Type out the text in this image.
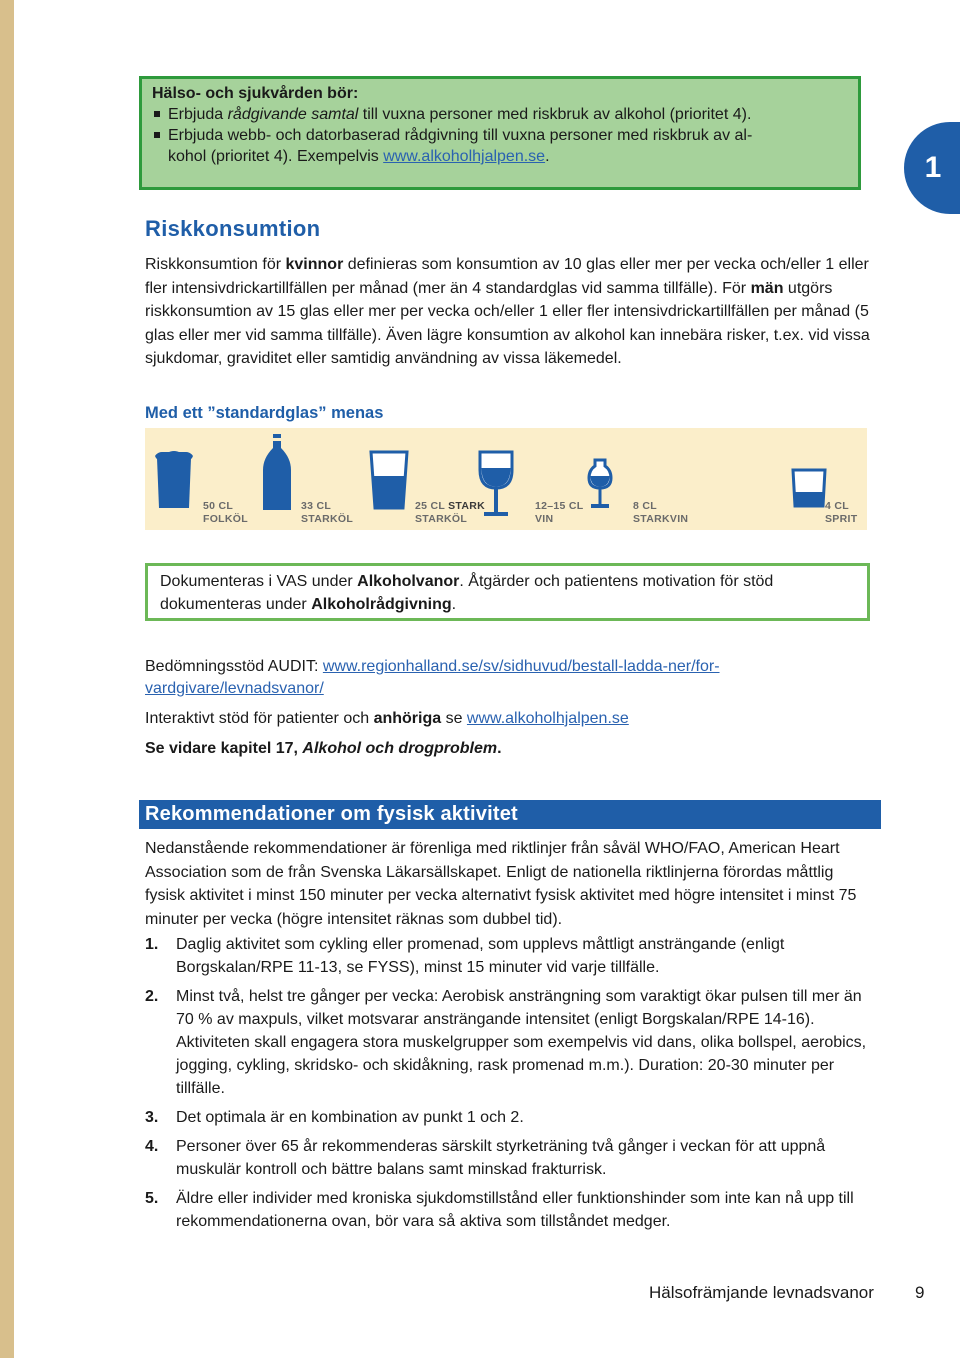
1
Hälso- och sjukvården bör:
Erbjuda rådgivande samtal till vuxna personer med riskbruk av alkohol (prioritet 4).
Erbjuda webb- och datorbaserad rådgivning till vuxna personer med riskbruk av al-
kohol (prioritet 4). Exempelvis www.alkoholhjalpen.se.
Riskkonsumtion
Riskkonsumtion för kvinnor definieras som konsumtion av 10 glas eller mer per vecka och/eller 1 eller fler intensivdrickartillfällen per månad (mer än 4 standardglas vid samma tillfälle). För män utgörs riskkonsumtion av 15 glas eller mer per vecka och/eller 1 eller fler intensivdrickartillfällen per månad (5 glas eller mer vid samma tillfälle). Även lägre konsumtion av alkohol kan innebära risker, t.ex. vid vissa sjukdomar, graviditet eller samtidig användning av vissa läkemedel.
Med ett ”standardglas” menas
50 CL
FOLKÖL
33 CL
STARKÖL
25 CL STARK
STARKÖL
12–15 CL
VIN
8 CL
STARKVIN
4 CL
SPRIT
Dokumenteras i VAS under Alkoholvanor. Åtgärder och patientens motivation för stöd dokumenteras under Alkoholrådgivning.

Bedömningsstöd AUDIT: www.regionhalland.se/sv/sidhuvud/bestall-ladda-ner/for-
vardgivare/levnadsvanor/

Interaktivt stöd för patienter och anhöriga se www.alkoholhjalpen.se

Se vidare kapitel 17, Alkohol och drogproblem.

Rekommendationer om fysisk aktivitet
Nedanstående rekommendationer är förenliga med riktlinjer från såväl WHO/FAO, American Heart Association som de från Svenska Läkarsällskapet. Enligt de nationella riktlinjerna förordas måttlig fysisk aktivitet i minst 150 minuter per vecka alternativt fysisk aktivitet med högre intensitet i minst 75 minuter per vecka (högre intensitet räknas som dubbel tid).
1. Daglig aktivitet som cykling eller promenad, som upplevs måttligt ansträngande (enligt Borgskalan/RPE 11-13, se FYSS), minst 15 minuter vid varje tillfälle.
2. Minst två, helst tre gånger per vecka: Aerobisk ansträngning som varaktigt ökar pulsen till mer än 70 % av maxpuls, vilket motsvarar ansträngande intensitet (enligt Borgskalan/RPE 14-16). Aktiviteten skall engagera stora muskelgrupper som exempelvis vid dans, olika bollspel, aerobics, jogging, cykling, skridsko- och skidåkning, rask promenad m.m.). Duration: 20-30 minuter per tillfälle.
3. Det optimala är en kombination av punkt 1 och 2.
4. Personer över 65 år rekommenderas särskilt styrketräning två gånger i veckan för att uppnå muskulär kontroll och bättre balans samt minskad frakturrisk.
5. Äldre eller individer med kroniska sjukdomstillstånd eller funktionshinder som inte kan nå upp till rekommendationerna ovan, bör vara så aktiva som tillståndet medger.
Hälsofrämjande levnadsvanor 9
